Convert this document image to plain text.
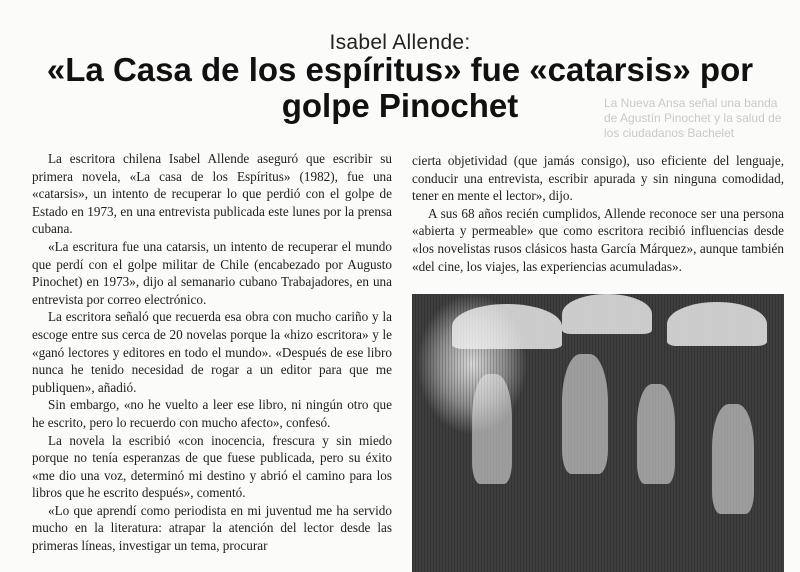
La Nueva Ansa señal una banda de Agustín Pinochet y la salud de los ciudadanos Bachelet
Isabel Allende:
«La Casa de los espíritus» fue «catarsis» por golpe Pinochet

La escritora chilena Isabel Allende aseguró que escribir su primera novela, «La casa de los Espíritus» (1982), fue una «catarsis», un intento de recuperar lo que perdió con el golpe de Estado en 1973, en una entrevista publicada este lunes por la prensa cubana.

«La escritura fue una catarsis, un intento de recuperar el mundo que perdí con el golpe militar de Chile (encabezado por Augusto Pinochet) en 1973», dijo al semanario cubano Trabajadores, en una entrevista por correo electrónico.

La escritora señaló que recuerda esa obra con mucho cariño y la escoge entre sus cerca de 20 novelas porque la «hizo escritora» y le «ganó lectores y editores en todo el mundo». «Después de ese libro nunca he tenido necesidad de rogar a un editor para que me publiquen», añadió.

Sin embargo, «no he vuelto a leer ese libro, ni ningún otro que he escrito, pero lo recuerdo con mucho afecto», confesó.

La novela la escribió «con inocencia, frescura y sin miedo porque no tenía esperanzas de que fuese publicada, pero su éxito «me dio una voz, determinó mi destino y abrió el camino para los libros que he escrito después», comentó.

«Lo que aprendí como periodista en mi juventud me ha servido mucho en la literatura: atrapar la atención del lector desde las primeras líneas, investigar un tema, procurar

cierta objetividad (que jamás consigo), uso eficiente del lenguaje, conducir una entrevista, escribir apurada y sin ninguna comodidad, tener en mente el lector», dijo.

A sus 68 años recién cumplidos, Allende reconoce ser una persona «abierta y permeable» que como escritora recibió influencias desde «los novelistas rusos clásicos hasta García Márquez», aunque también «del cine, los viajes, las experiencias acumuladas».
